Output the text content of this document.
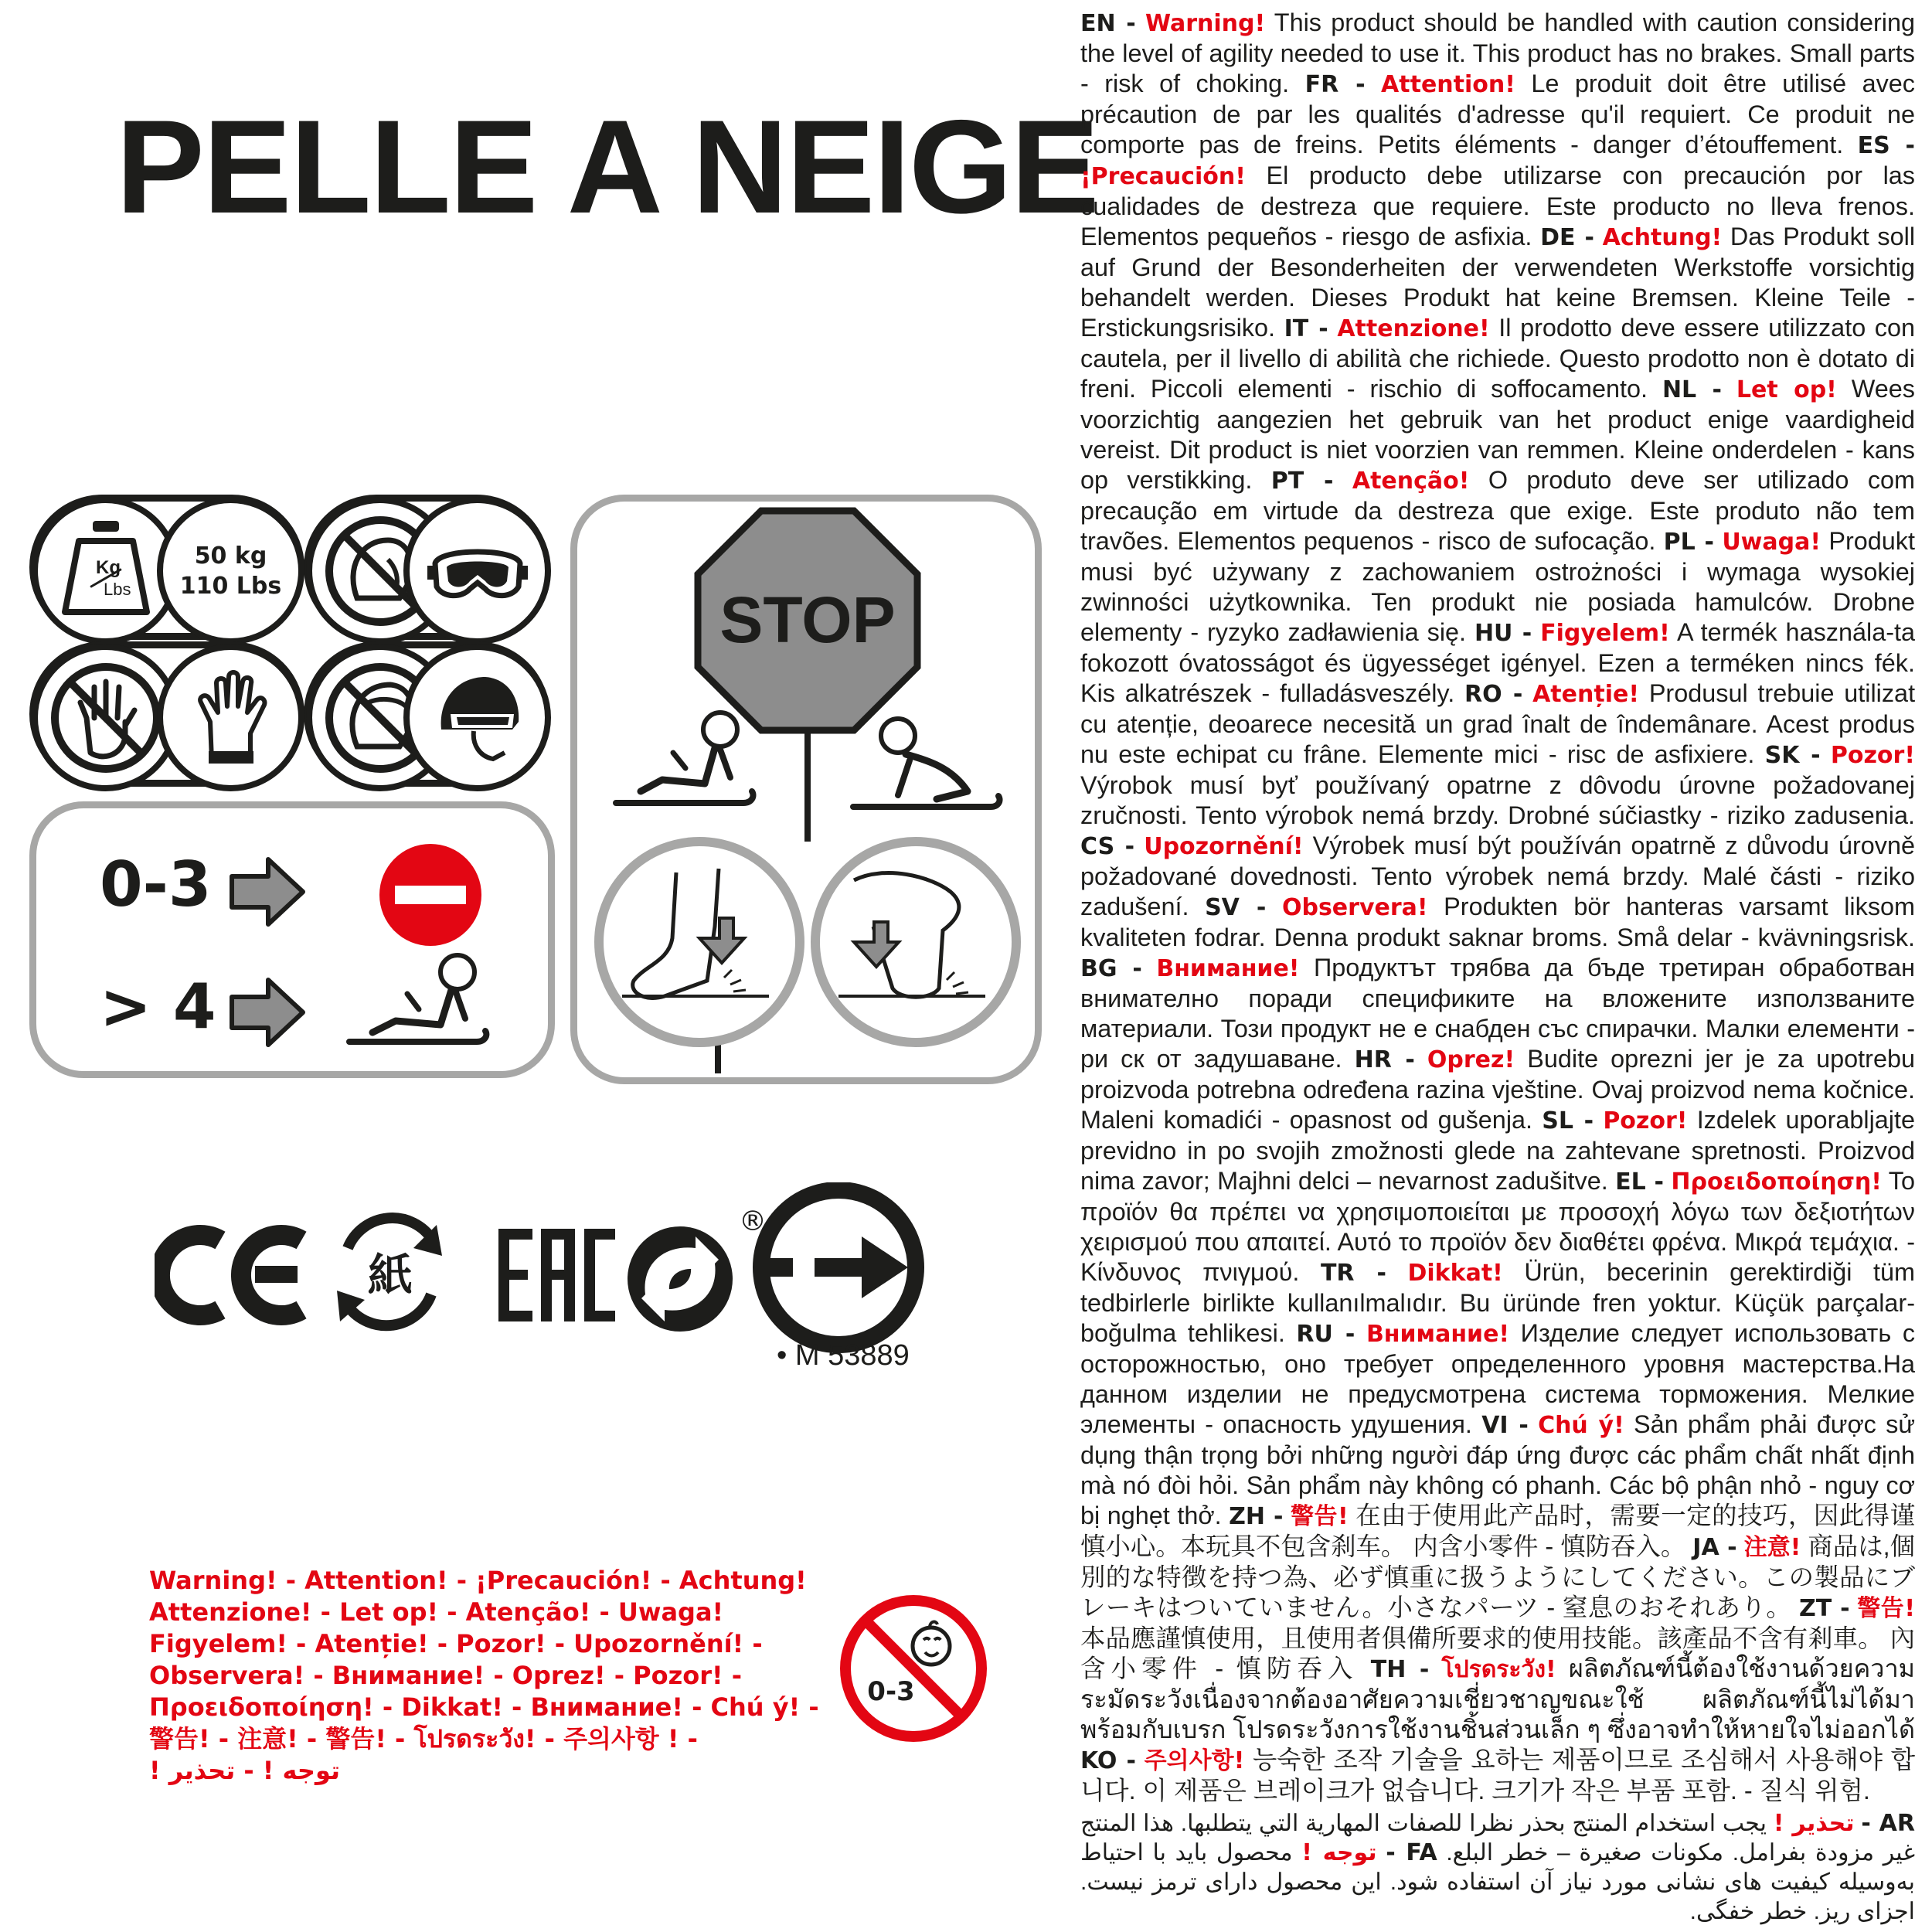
PELLE A NEIGE
Kg
Lbs
50 kg
110 Lbs
0-3
> 4
STOP
紙
®
• M 53889
Warning! - Attention! - ¡Precaución! - Achtung!
Attenzione! - Let op! - Atenção! - Uwaga!
Figyelem! - Atenție! - Pozor! - Upozornění! -
Observera! - Внимание! - Oprez! - Pozor! -
Προειδοποίηση! - Dikkat! - Внимание! - Chú ý! -
警告! - 注意! - 警告! - โปรดระวัง! - 주의사항 ! -
توجه ! - تحذير !
0-3
EN - Warning! This product should be handled with caution considering the level of agility needed to use it. This product has no brakes. Small parts - risk of choking. FR - Attention! Le produit doit être utilisé avec précaution de par les qualités d'adresse qu'il requiert. Ce produit ne comporte pas de freins. Petits éléments - danger d’étouffement. ES - ¡Precaución! El producto debe utilizarse con precaución por las cualidades de destreza que requiere. Este producto no lleva frenos. Elementos pequeños - riesgo de asfixia. DE - Achtung! Das Produkt soll auf Grund der Besonderheiten der verwendeten Werkstoffe vorsichtig behandelt werden. Dieses Produkt hat keine Bremsen. Kleine Teile - Erstickungsrisiko. IT - Attenzione! Il prodotto deve essere utilizzato con cautela, per il livello di abilità che richiede. Questo prodotto non è dotato di freni. Piccoli elementi - rischio di soffocamento. NL - Let op! Wees voorzichtig aangezien het gebruik van het product enige vaardigheid vereist. Dit product is niet voorzien van remmen. Kleine onderdelen - kans op verstikking. PT - Atenção! O produto deve ser utilizado com precaução em virtude da destreza que exige. Este produto não tem travões. Elementos pequenos - risco de sufocação. PL - Uwaga! Produkt musi być używany z zachowaniem ostrożności i wymaga wysokiej zwinności użytkownika. Ten produkt nie posiada hamulców. Drobne elementy - ryzyko zadławienia się. HU - Figyelem! A termék használa-ta fokozott óvatosságot és ügyességet igényel. Ezen a terméken nincs fék. Kis alkatrészek - fulladásveszély. RO - Atenție! Produsul trebuie utilizat cu atenție, deoarece necesită un grad înalt de îndemânare. Acest produs nu este echipat cu frâne. Elemente mici - risc de asfixiere. SK - Pozor! Výrobok musí byť používaný opatrne z dôvodu úrovne požadovanej zručnosti. Tento výrobok nemá brzdy. Drobné súčiastky - riziko zadusenia. CS - Upozornění! Výrobek musí být používán opatrně z důvodu úrovně požadované dovednosti. Tento výrobek nemá brzdy. Malé části - riziko zadušení. SV - Observera! Produkten bör hanteras varsamt liksom kvaliteten fodrar. Denna produkt saknar broms. Små delar - kvävningsrisk. BG - Внимание! Продуктът трябва да бъде третиран обработван внимателно поради спецификите на вложените използваните материали. Този продукт не е снабден със спирачки. Малки елементи - ри ск от задушаване. HR - Oprez! Budite oprezni jer je za upotrebu proizvoda potrebna određena razina vještine. Ovaj proizvod nema kočnice. Maleni komadići - opasnost od gušenja. SL - Pozor! Izdelek uporabljajte previdno in po svojih zmožnosti glede na zahtevane spretnosti. Proizvod nima zavor; Majhni delci – nevarnost zadušitve. EL - Προειδοποίηση! Το προϊόν θα πρέπει να χρησιμοποιείται με προσοχή λόγω των δεξιοτήτων χειρισμού που απαιτεί. Αυτό το προϊόν δεν διαθέτει φρένα. Μικρά τεμάχια. - Κίνδυνος πνιγμού. TR - Dikkat! Ürün, becerinin gerektirdiği tüm tedbirlerle birlikte kullanılmalıdır. Bu üründe fren yoktur. Küçük parçalar- boğulma tehlikesi. RU - Внимание! Изделие следует использовать с осторожностью, оно требует определенного уровня мастерства.На данном изделии не предусмотрена система торможения. Мелкие элементы - опасность удушения. VI - Chú ý! Sản phẩm phải được sử dụng thận trọng bởi những người đáp ứng được các phẩm chất nhất định mà nó đòi hỏi. Sản phẩm này không có phanh. Các bộ phận nhỏ - nguy cơ bị nghẹt thở. ZH - 警告! 在由于使用此产品时，需要一定的技巧，因此得谨慎小心。本玩具不包含刹车。 内含小零件 - 慎防吞入。 JA - 注意! 商品は,個別的な特徴を持つ為、必ず慎重に扱うようにしてください。この製品にブレーキはついていません。小さなパーツ - 窒息のおそれあり。 ZT - 警告! 本品應謹慎使用，且使用者俱備所要求的使用技能。該產品不含有剎車。 內含小零件 - 慎防吞入 TH - โปรดระวัง! ผลิตภัณฑ์นี้ต้องใช้งานด้วยความระมัดระวังเนื่องจากต้องอาศัยความเชี่ยวชาญขณะใช้ ผลิตภัณฑ์นี้ไม่ได้มาพร้อมกับเบรก โปรดระวังการใช้งานชิ้นส่วนเล็ก ๆ ซึ่งอาจทำให้หายใจไม่ออกได้ KO - 주의사항! 능숙한 조작 기술을 요하는 제품이므로 조심해서 사용해야 합니다. 이 제품은 브레이크가 없습니다. 크기가 작은 부품 포함. - 질식 위험.
AR - تحذير ! يجب استخدام المنتج بحذر نظرا للصفات المهارية التي يتطلبها. هذا المنتج غير مزودة بفرامل. مكونات صغيرة – خطر البلع. FA - توجه ! محصول باید با احتیاط به‌وسیله کیفیت های نشانی مورد نیاز آن استفاده شود. این محصول دارای ترمز نیست. اجزای ریز. خطر خفگی.
